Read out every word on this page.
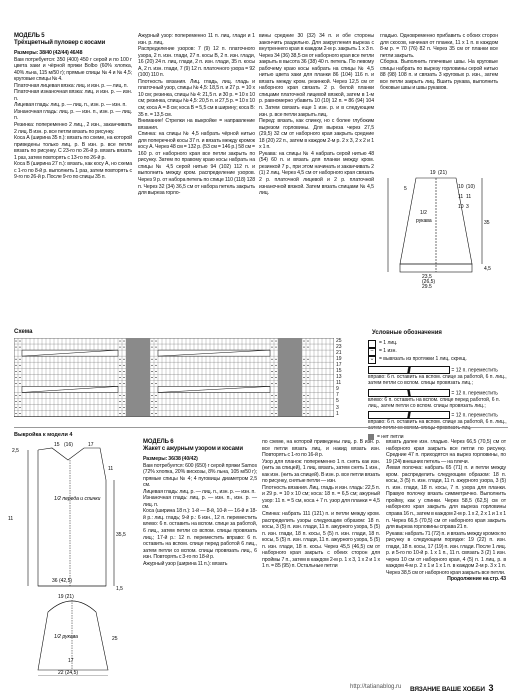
МОДЕЛЬ 5
Трёхцветный пуловер с косами

Размеры: 38/40 (42/44) 46/48

Вам потребуется: 350 (400) 450 г серой и по 100 г цвета хаки и чёрной пряжи Bolbo (60% хлопка, 40% льна, 115 м/50 г); прямые спицы № 4 и № 4,5; круговые спицы № 4.

Платочная лицевая вязка: лиц. и изн. р. — лиц. п.

Платочная изнаночная вязка: лиц. и изн. р. — изн. п.

Лицевая гладь: лиц. р. — лиц. п., изн. р. — изн. п.

Изнаночная гладь: лиц. р. — изн. п., изн. р. — лиц. п.

Резинка: попеременно 2 лиц., 2 изн., заканчивать 2 лиц. В изн. р. все петли вязать по рисунку.

Коса А (ширина 35 п.): вязать по схеме, на которой приведены только лиц. р. В изн. р. все петли вязать по рисунку. С 23-го по 26-й р. вязать вязать 1 раз, затем повторять с 13-го по 26-й р.

Коса В (ширина 27 п.): вязать, как косу А, но схема с 1-го по 8-й р. выполнить 1 раз, затем повторять с 9-го по 26-й р. После 9-го по спицы 35 п.

Ажурный узор: попеременно 11 п. лиц. глади и 1 изн. р. лиц.

Распределение узоров: 7 (9) 12 п. платочного узора, 2 п. изн. глади, 27 п. косы В, 2 п. изн. глади, 16 (20) 24 п. лиц. глади, 2 п. изн. глади, 35 п. косы А, 2 п. изн. глади, 7 (9) 12 п. платочного узора = 92 (100) 110 п.

Плотность вязания. Лиц. гладь, лиц. гладь и платочный узор, спицы № 4,5: 18,5 п. и 27 р. = 10 х 10 см; резинка, спицы № 4: 21,5 п. и 30 р. = 10 х 10 см; резинка, спицы № 4,5: 20,5 п. и 27,5 р. = 10 х 10 см; коса А = 8 см; коса В = 5,5 см в ширину; коса В: 35 п. = 13,5 см.

Внимание! Стрелки на выкройке = направление вязания.

Спинка: на спицы № 4,5 набрать чёрной нитью для поперечной косы 37 п. и вязать между кромок косу А. Через 48 см = 132 р. (53 см = 146 р.) 58 см = 160 р. от наборного края все петли закрыть по рисунку. Затем по правому краю косы набрать на спицы № 4,5 серой нитью 94 (102) 112 п. и выполнить между кром. распределение узоров. Через 9 р. от набора петель по спице 110 (118) 128 п. Через 32 (34) 36,5 см от набора петель закрыть для выреза горло-

вины средние 30 (32) 34 п. и обе стороны закончить раздельно. Для закругления выреза с внутреннего края в каждом 2-м р. закрыть 1 х 3 п. Через 34 (36) 38,5 см от наборного края все петли закрыть в высота 36 (38) 40 п. петель. По левому рабочему краю косы набрать на спицы № 4,5 нитью цвета хаки для планки 86 (104) 116 п. и вязать между кром. резинкой. Через 12,5 см от наборного края связать 2 р. белой планки спицами платочной лицевой вязкой, затем в 1-м р. равномерно убавить 10 (10) 12 п. = 86 (94) 104 п. Затем связать еще 1 изн. р. и в следующем изн. р. все петли закрыть лиц.

Перед: вязать, как спинку, но с более глубоким вырезом горловины. Для выреза через 27,5 (29,5) 32 см от наборного края закрыть средние 18 (20) 22 п., затем в каждом 2-м р. 2 х 3, 2 х 2 и 1 х 1 п.

Рукава: на спицы № 4 набрать серой нитью 48 (54) 60 п. и вязать для планки между кром. резинкой 7 р., при этом начинать и заканчивать 2 (1) 2 лиц. Через 4,5 см от наборного края связать 2 р. платочной лицевой и 2 р. платочной изнаночной вязкой. Затем вязать спицами № 4,5 лиц.

гладью. Одновременно прибавить с обоих сторон для скосов, начиная от планки, 11 х 1 п. в каждом 8-м р. = 70 (76) 82 п. Через 35 см от планки все петли закрыть.

Сборка. Выполнить плечевые швы. На круговые спицы набрать по вырезу горловины серой нитью 88 (98) 108 п. и связать 3 круговых р. изн., затем все петли закрыть лиц. Вшить рукава, выполнить боковые швы и швы рукавов.

19 (21)
5	10 (10)
11
10 3
11
1/2
рукава	35
4,5
23,5
(26,5)
29,5
Схема
25
23
21
19
17
15
13
11
9
7
5
3
1
Условные обозначения
= 1 лиц.
–	= 1 изн.
ᴗ	= вывязать из протяжки 1 лиц. скрещ.
= 12 п. переместить вправо: 6 п. оставить на вспом. спице за работой, 6 п. лиц., затем петли со вспом. спицы провязать лиц.;
= 12 п. переместить влево: 6 п. оставить на вспом. спице перед работой, 6 п. лиц., затем петли со вспом. спицы провязать лиц.;
= 12 п. переместить вправо: 6 п. оставить на вспом. спице за работой, 6 п. лиц., затем петли со вспом. спицы провязать лиц.
= нет петли
Выкройка к модели 4
2,5
15 (16)	17
1/2 переда и спинки
11
35,5
11
36 (42,5)
1,5
19 (21)
1/2 рукава	25
17
22 (24,5)
МОДЕЛЬ 6
Жакет с ажурным узором и косами

Размеры: 36/38 (40/42)

Вам потребуется: 600 (650) г серой пряжи Samos (72% хлопка, 20% вискозы, 8% льна, 105 м/50 г); прямые спицы № 4; 4 пуговицы диаметром 2,5 см.

Лицевая гладь: лиц. р. — лиц. п., изн. р. — изн. п.

Изнаночная гладь: лиц. р. — изн. п., изн. р. — лиц. п.

Коса (ширина 18 п.): 1-й — 8-й, 10-й — 16-й и 18-й р.: лиц. гладь; 9-й р.: 6 изн., 12 п. переместить влево: 6 п. оставить на вспом. спице за работой, 6 лиц., затем петли со вспом. спицы провязать лиц.; 17-й р.: 12 п. переместить вправо: 6 п. оставить на вспом. спице перед работой 6 лиц., затем петли со вспом. спицы провязать лиц., 6 изн. Повторять с 3-го по 18-й р.

Ажурный узор (ширина 11 п.): вязать

по схеме, на которой приведены лиц. р. В изн. р. все петли вязать лиц. и накид вязать изн. Повторять с 1-го по 16-й р.

Узор для планок: попеременно 1 п. снять как изн. (нить за спицей), 1 лиц. вязать, затем снять 1 изн., как изн. (нить за спицей). В изн. р. все петли вязать по рисунку, снятые петли — изн.

Плотность вязания. Лиц. гладь и изн. гладь: 22,5 п. и 29 р. = 10 х 10 см; коса: 18 п. = 6,5 см; ажурный узор: 11 п. = 5 см, коса + 7 п. узор для планки = 4,5 см.

Спинка: набрать 111 (121) п. и петли между кром. распределить узоры следующим образом: 18 п. косы, 3 (5) п. изн. глади, 11 п. ажурного узора, 5 (5) п. изн. глади, 18 п. косы, 5 (5) п. изн. глади, 18 п. косы, 5 (5) п. изн. глади, 11 п. ажурного узора, 5 (5) п. изн. глади, 18 п. косы. Через 45,5 (46,5) см от наборного края закрыть с обеих сторон для проймы 7 п., затем в каждом 2-м р. 1 х 3, 1 х 2 и 1 х 1 п. = 85 (95) п. Остальные петли

вязать далее изн. гладью. Через 66,5 (70,5) см от наборного края закрыть все петли по рисунку. Средние 47 п. приходятся на вырез горловины, по 19 (24) внешних петель — на плечи.

Левая полочка: набрать 65 (71) п. и петли между кром. распределить следующим образом: 18 п. косы, 3 (5) п. изн. глади, 11 п. ажурного узора, 3 (5) п. изн. глади, 18 п. косы, 7 п. узора для планки. Правую полочку вязать симметрично. Выполнить пройму, как у спинки. Через 58,5 (62,5) см от наборного края закрыть для выреза горловины справа 16 п., затем в каждом 2-м р. 1 х 2, 2 х 1 и 1 х 1 п. Через 66,5 (70,5) см от наборного края закрыть для выреза горловины справа 21 п.

Рукава: набрать 71 (72) п. и вязать между кромок по рисунку в следующем порядке: 19 (22) п. изн. глади, 18 п. косы, 17 (19) п. изн. глади. После 1 лиц. р. и 5-го по 10-й р. 1 х 1 п., 11 п. связать 3 (2) 1 изн. через 10 см от наборного края, 4 (5) п. 1 лиц. р. в каждом 4-м р. 2 х 1 и 1 х 1 п. в каждом 2-м р. 3 х 1 п. Через 38,5 см от наборного края закрыть все петли.

Продолжение на стр. 43

http://tatianablog.ru ВЯЗАНИЕ ВАШЕ ХОББИ 3
